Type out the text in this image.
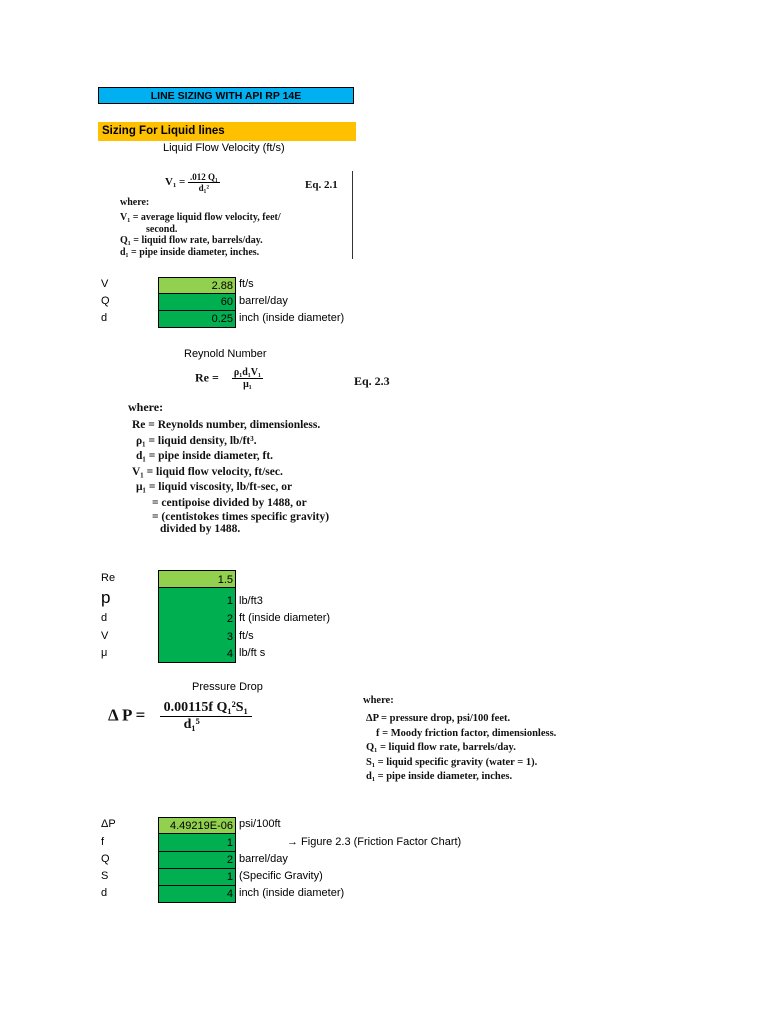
LINE SIZING WITH API RP 14E
Sizing For Liquid lines
Liquid Flow Velocity (ft/s)
$V_1 = \frac{\text{.012 Q₁}}{\text{d₁²}}$	Eq. 2.1
where:
V₁ = average liquid flow velocity, feet/
second.
Q₁ = liquid flow rate, barrels/day.
d₁ = pipe inside diameter, inches.
V	2.88 ft/s
Q	60 barrel/day
d	0.25 inch (inside diameter)
Reynold Number
$Re = \frac{\text{ρ₁d₁V₁}}{\text{μ₁}}$	Eq. 2.3
where:
Re = Reynolds number, dimensionless.
ρ₁ = liquid density, lb/ft³.
d₁ = pipe inside diameter, ft.
V₁ = liquid flow velocity, ft/sec.
μ₁ = liquid viscosity, lb/ft-sec, or
= centipoise divided by 1488, or
= (centistokes times specific gravity)
divided by 1488.
Re	1.5
p	1 lb/ft3
d	2 ft (inside diameter)
V	3 ft/s
μ	4 lb/ft s
Pressure Drop
Δ $P = \frac{\text{0.00115f Q₁²S₁}}{\text{d₁⁵}}$	where:
ΔP = pressure drop, psi/100 feet.
f = Moody friction factor, dimensionless.
Q₁ = liquid flow rate, barrels/day.
S₁ = liquid specific gravity (water = 1).
d₁ = pipe inside diameter, inches.
ΔP	4.49219E-06 psi/100ft
f	1	→ Figure 2.3 (Friction Factor Chart)
Q	2 barrel/day
S	1 (Specific Gravity)
d	4 inch (inside diameter)
